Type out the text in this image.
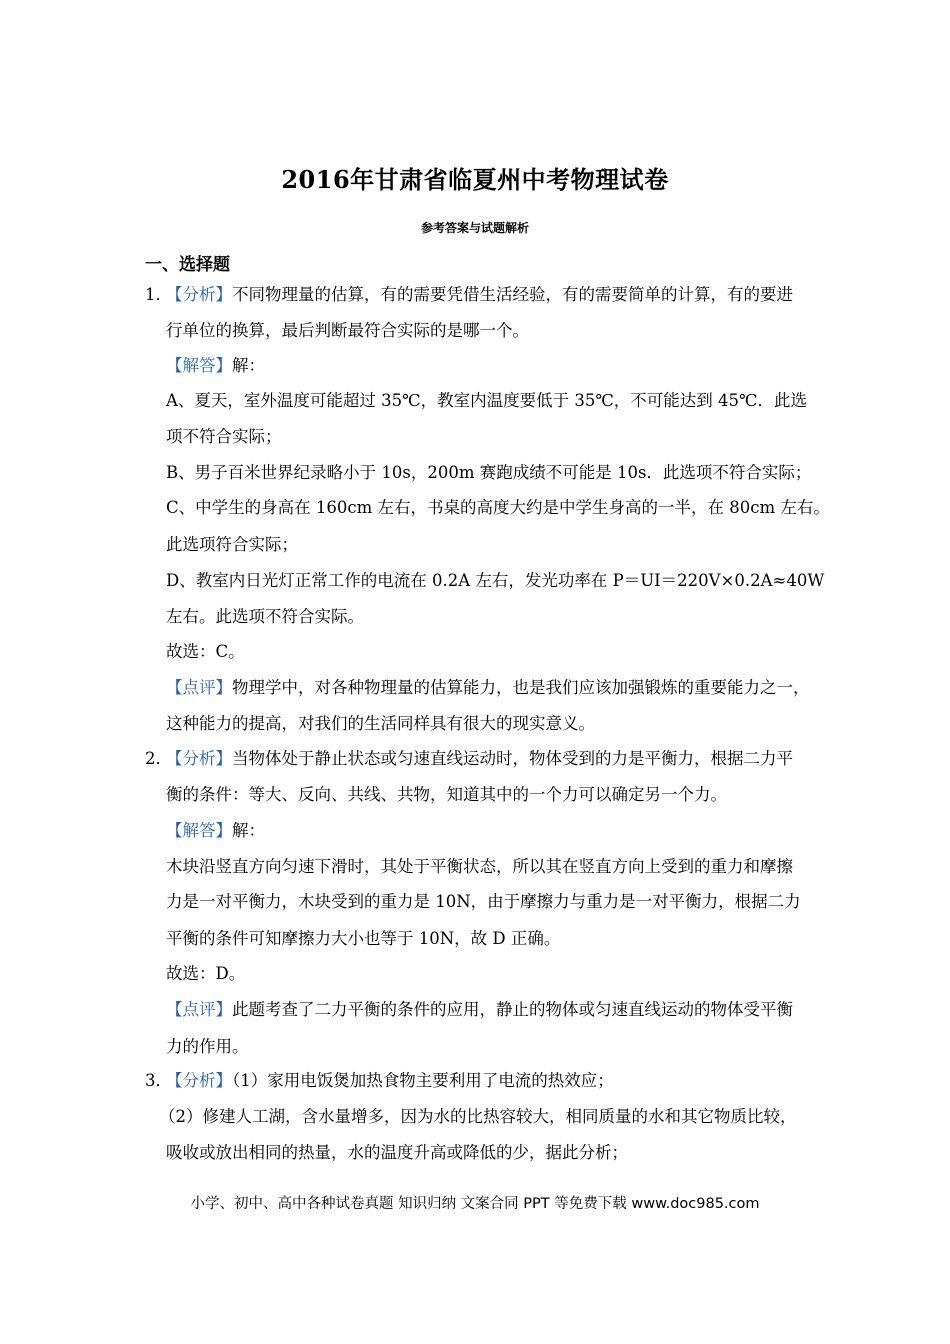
2016年甘肃省临夏州中考物理试卷
参考答案与试题解析
一、选择题
1．
【分析】不同物理量的估算，有的需要凭借生活经验，有的需要简单的计算，有的要进
行单位的换算，最后判断最符合实际的是哪一个。
【解答】解：
A、夏天，室外温度可能超过 35℃，教室内温度要低于 35℃，不可能达到 45℃．此选
项不符合实际；
B、男子百米世界纪录略小于 10s，200m 赛跑成绩不可能是 10s．此选项不符合实际；
C、中学生的身高在 160cm 左右，书桌的高度大约是中学生身高的一半，在 80cm 左右。
此选项符合实际；
D、教室内日光灯正常工作的电流在 0.2A 左右，发光功率在 P＝UI＝220V×0.2A≈40W
左右。此选项不符合实际。
故选：C。
【点评】物理学中，对各种物理量的估算能力，也是我们应该加强锻炼的重要能力之一，
这种能力的提高，对我们的生活同样具有很大的现实意义。
2．
【分析】当物体处于静止状态或匀速直线运动时，物体受到的力是平衡力，根据二力平
衡的条件：等大、反向、共线、共物，知道其中的一个力可以确定另一个力。
【解答】解：
木块沿竖直方向匀速下滑时，其处于平衡状态，所以其在竖直方向上受到的重力和摩擦
力是一对平衡力，木块受到的重力是 10N，由于摩擦力与重力是一对平衡力，根据二力
平衡的条件可知摩擦力大小也等于 10N，故 D 正确。
故选：D。
【点评】此题考查了二力平衡的条件的应用，静止的物体或匀速直线运动的物体受平衡
力的作用。
3．
【分析】（1）家用电饭煲加热食物主要利用了电流的热效应；
（2）修建人工湖，含水量增多，因为水的比热容较大，相同质量的水和其它物质比较，
吸收或放出相同的热量，水的温度升高或降低的少，据此分析；
小学、初中、高中各种试卷真题 知识归纳 文案合同 PPT 等免费下载 www.doc985.com
